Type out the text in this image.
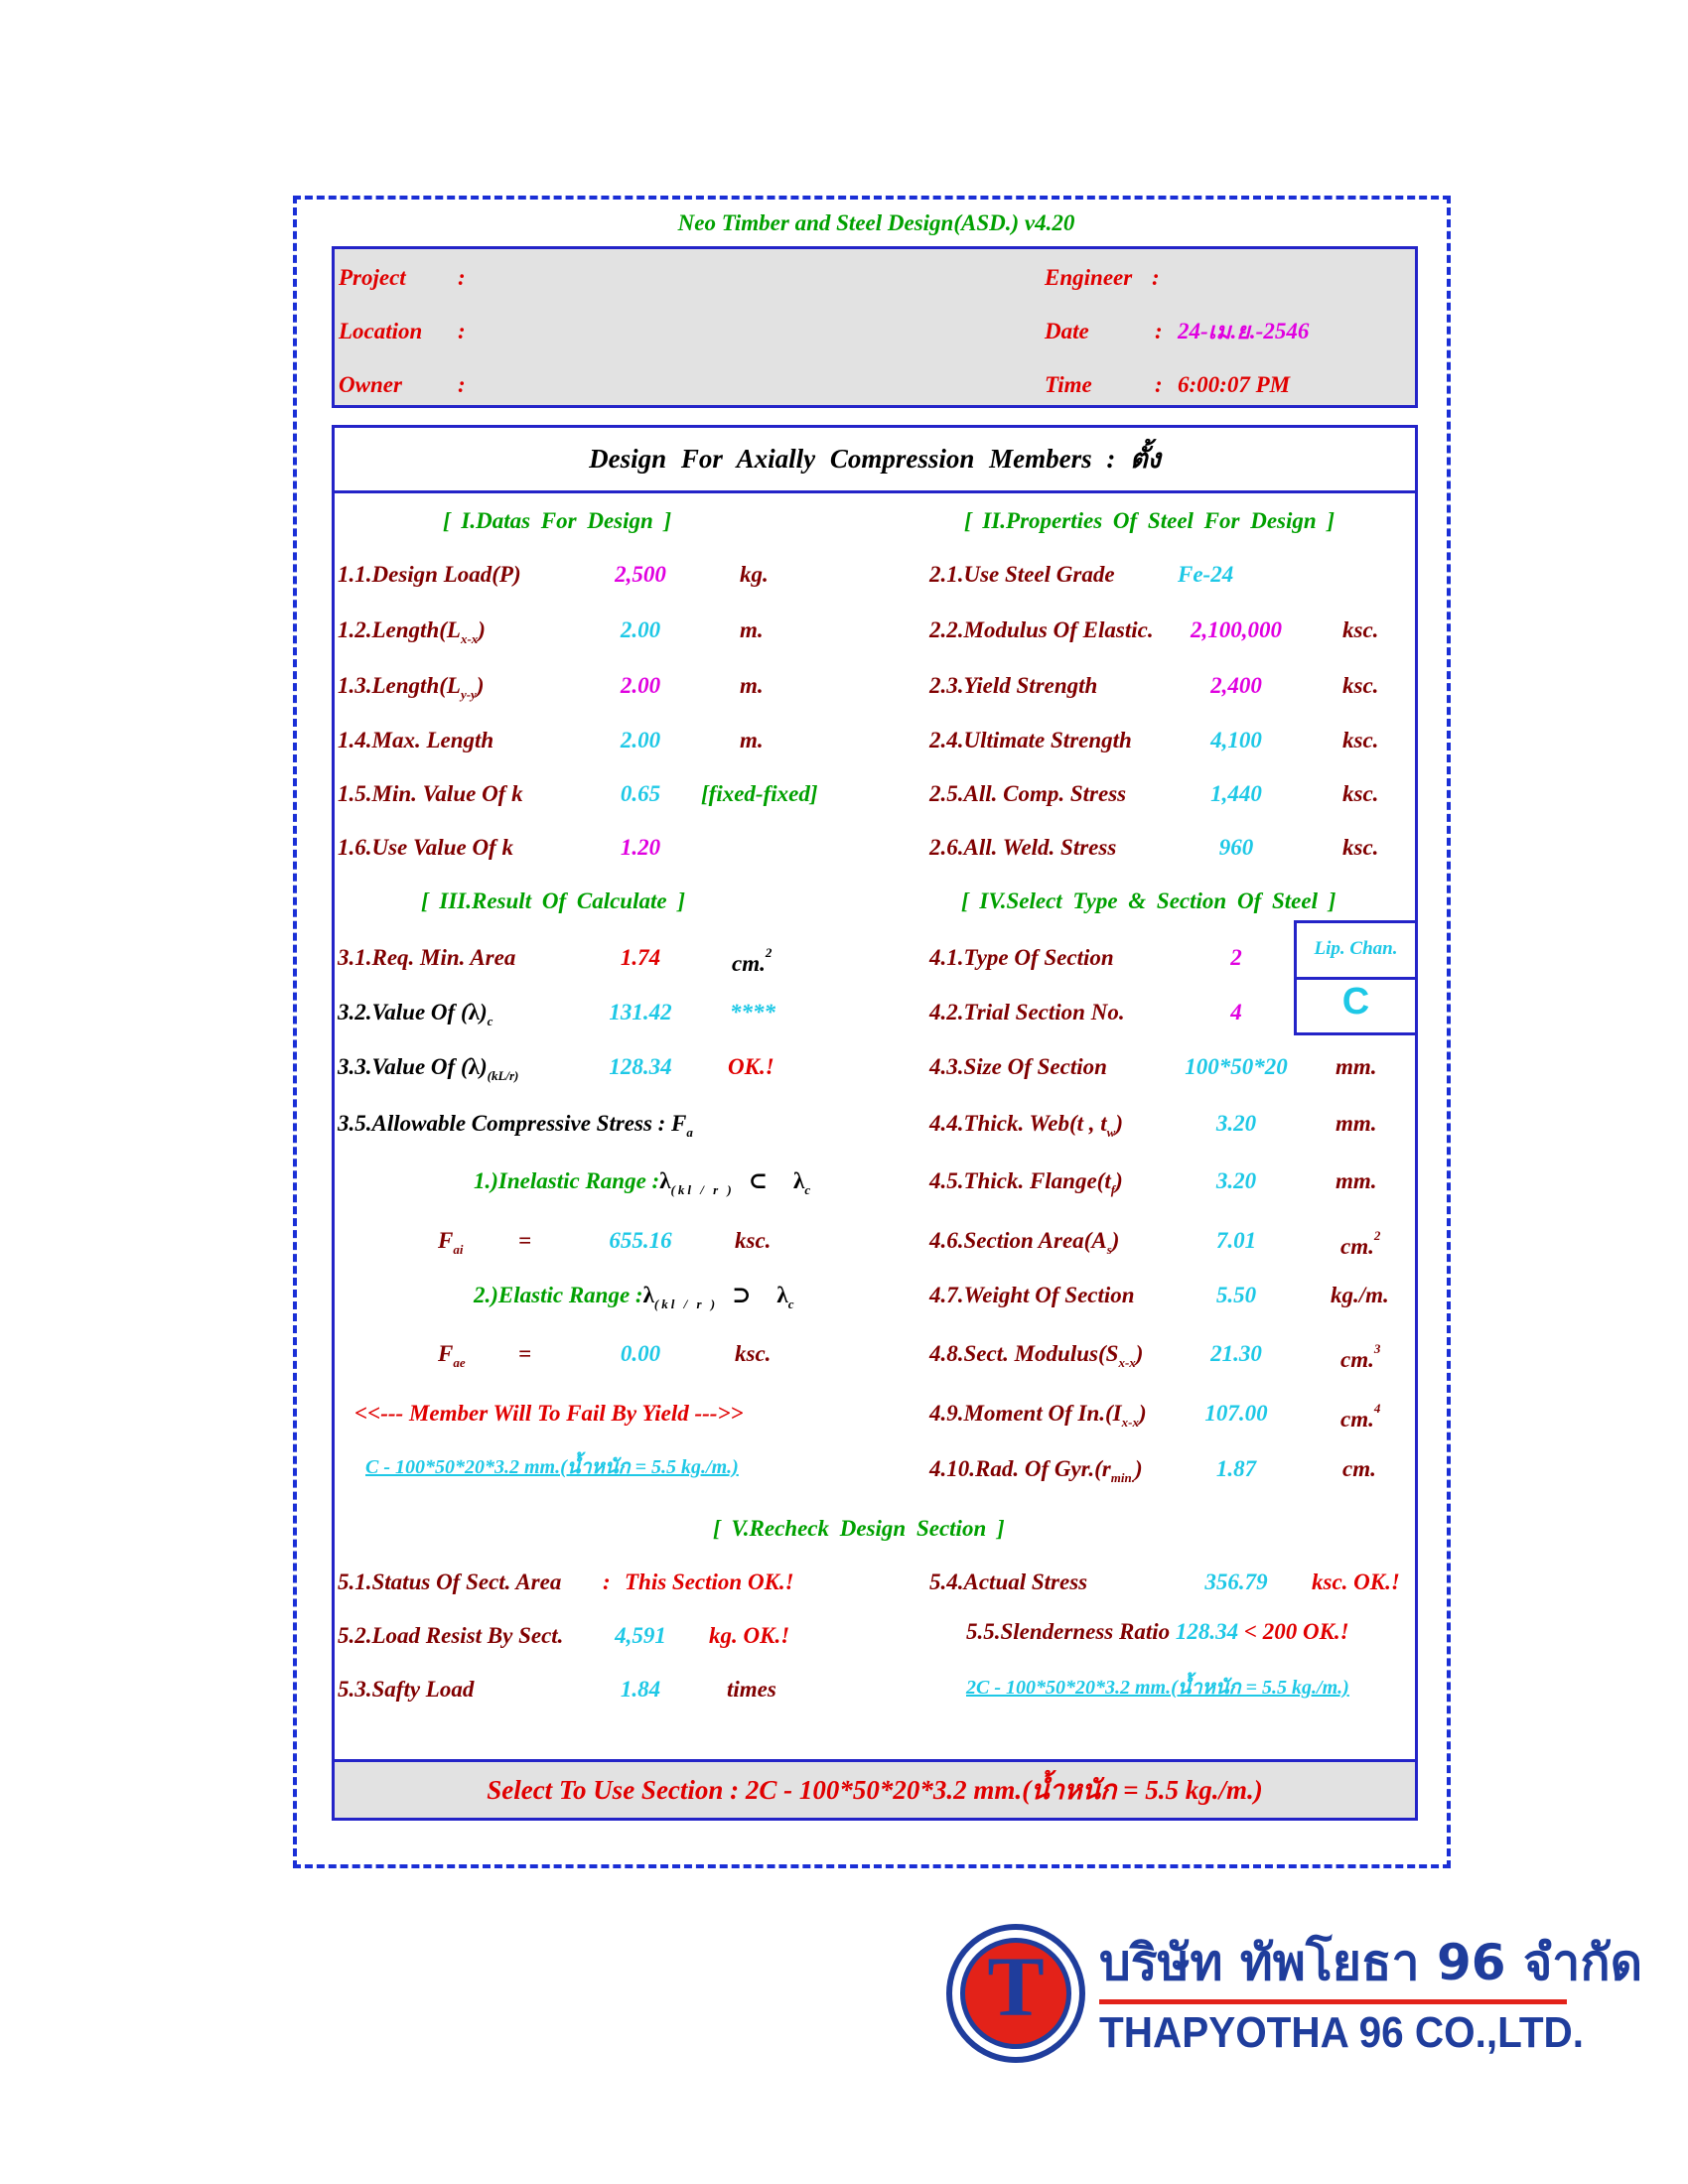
Neo Timber and Steel Design(ASD.) v4.20
Project :
Location :
Owner :
Engineer :
Date	: 24-เม.ย.-2546
Time	: 6:00:07 PM
Design For Axially Compression Members : ตั้ง
[ I.Datas For Design ]	[ II.Properties Of Steel For Design ]
[ III.Result Of Calculate ]	[ IV.Select Type & Section Of Steel ]
[ V.Recheck Design Section ]
1.1.Design Load(P)	2,500	kg.
$1.2.Length(L_{x-x})$	2.00	m.
$1.3.Length(L_{y-y})$	2.00	m.
1.4.Max. Length	2.00	m.
1.5.Min. Value Of k	0.65 [fixed-fixed]
1.6.Use Value Of k	1.20
2.1.Use Steel Grade	Fe-24
2.2.Modulus Of Elastic. 2,100,000	ksc.
2.3.Yield Strength	2,400	ksc.
2.4.Ultimate Strength	4,100	ksc.
2.5.All. Comp. Stress	1,440	ksc.
2.6.All. Weld. Stress	960	ksc.
3.1.Req. Min. Area	1.74	cm.$^2$
3.2.Value Of $(\lambda)_c$	131.42	****
3.3.Value Of $(\lambda)_{(kL/r)}$	128.34 OK.!
3.5.Allowable Compressive Stress : $F_a$
1.)Inelastic Range $:\lambda_{(kl / r )}$ ⊂ $\lambda_c$
$F_{ai}$ =	655.16	ksc.
2.)Elastic Range $:\lambda_{(kl / r )}$ ⊃ $\lambda_c$
$F_{ae}$ =	0.00	ksc.
<<--- Member Will To Fail By Yield --->>
C - 100*50*20*3.2 mm.(น้ำหนัก = 5.5 kg./m.)
4.1.Type Of Section	2
4.2.Trial Section No.	4
Lip. Chan.
C
4.3.Size Of Section	100*50*20 mm.
4.4.Thick. Web(t , $t_w$)	3.20	mm.
4.5.Thick. $Flange(t_f)$	3.20	mm.
4.6.Section $Area(A_s)$	7.01	cm.$^2$
4.7.Weight Of Section	5.50	kg./m.
4.8.Sect. $Modulus(S_{x-x})$	21.30	cm.$^3$
4.9.Moment Of $In.(I_{x-x})$	107.00	cm.$^4$
4.10.Rad. Of $Gyr.(r_{min.})$	1.87	cm.
5.1.Status Of Sect. Area : This Section OK.!
5.2.Load Resist By Sect. 4,591 kg. OK.!
5.3.Safty Load	1.84	times
5.4.Actual Stress	356.79 ksc. OK.!
5.5.Slenderness Ratio 128.34 < 200 OK.!
2C - 100*50*20*3.2 mm.(น้ำหนัก = 5.5 kg./m.)
Select To Use Section : 2C - 100*50*20*3.2 mm.(น้ำหนัก = 5.5 kg./m.)
T	บริษัท ทัพโยธา 96 จำกัด
THAPYOTHA 96 CO.,LTD.
